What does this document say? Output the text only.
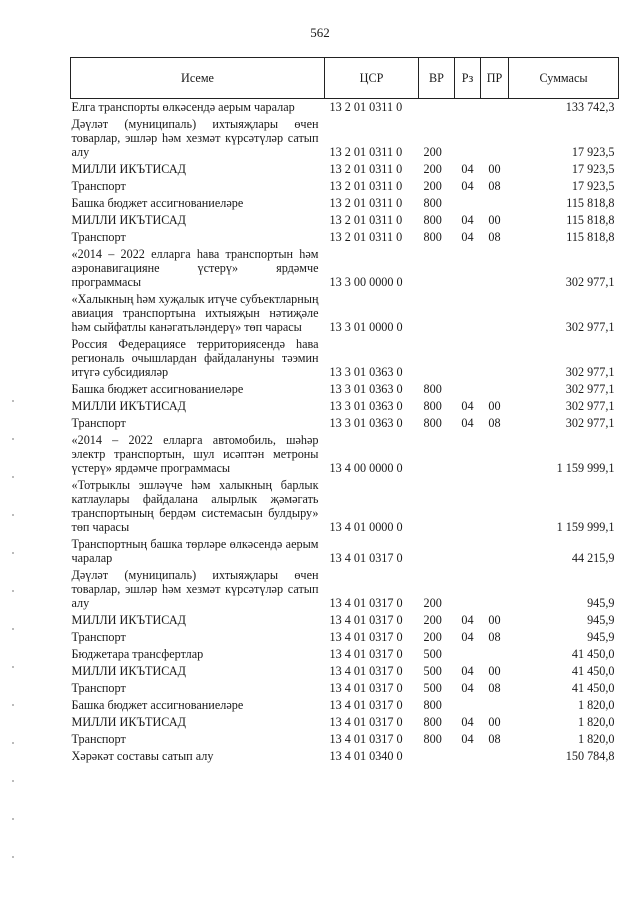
562
Исеме	ЦСР	ВР	Рз	ПР	Суммасы
Елга транспорты өлкәсендә аерым чаралар	13 2 01 0311 0				133 742,3
Дәүләт (муниципаль) ихтыяҗлары өчен товарлар, эшләр һәм хезмәт күрсәтүләр сатып алу	13 2 01 0311 0	200			17 923,5
МИЛЛИ ИКЪТИСАД	13 2 01 0311 0	200	04	00	17 923,5
Транспорт	13 2 01 0311 0	200	04	08	17 923,5
Башка бюджет ассигнованиеләре	13 2 01 0311 0	800			115 818,8
МИЛЛИ ИКЪТИСАД	13 2 01 0311 0	800	04	00	115 818,8
Транспорт	13 2 01 0311 0	800	04	08	115 818,8
«2014 – 2022 елларга һава транспортын һәм аэронавигацияне үстерү» ярдәмче программасы	13 3 00 0000 0				302 977,1
«Халыкның һәм хуҗалык итүче субъектларның авиация транспортына ихтыяҗын нәтиҗәле һәм сыйфатлы канәгатьләндерү» төп чарасы	13 3 01 0000 0				302 977,1
Россия Федерациясе территориясендә һава региональ очышлардан файдалануны тәэмин итүгә субсидияләр	13 3 01 0363 0				302 977,1
Башка бюджет ассигнованиеләре	13 3 01 0363 0	800			302 977,1
МИЛЛИ ИКЪТИСАД	13 3 01 0363 0	800	04	00	302 977,1
Транспорт	13 3 01 0363 0	800	04	08	302 977,1
«2014 – 2022 елларга автомобиль, шәһәр электр транспортын, шул исәптән метроны үстерү» ярдәмче программасы	13 4 00 0000 0				1 159 999,1
«Тотрыклы эшләүче һәм халыкның барлык катлаулары файдалана алырлык җәмәгать транспортының бердәм системасын булдыру» төп чарасы	13 4 01 0000 0				1 159 999,1
Транспортның башка төрләре өлкәсендә аерым чаралар	13 4 01 0317 0				44 215,9
Дәүләт (муниципаль) ихтыяҗлары өчен товарлар, эшләр һәм хезмәт күрсәтүләр сатып алу	13 4 01 0317 0	200			945,9
МИЛЛИ ИКЪТИСАД	13 4 01 0317 0	200	04	00	945,9
Транспорт	13 4 01 0317 0	200	04	08	945,9
Бюджетара трансфертлар	13 4 01 0317 0	500			41 450,0
МИЛЛИ ИКЪТИСАД	13 4 01 0317 0	500	04	00	41 450,0
Транспорт	13 4 01 0317 0	500	04	08	41 450,0
Башка бюджет ассигнованиеләре	13 4 01 0317 0	800			1 820,0
МИЛЛИ ИКЪТИСАД	13 4 01 0317 0	800	04	00	1 820,0
Транспорт	13 4 01 0317 0	800	04	08	1 820,0
Хәрәкәт составы сатып алу	13 4 01 0340 0				150 784,8
